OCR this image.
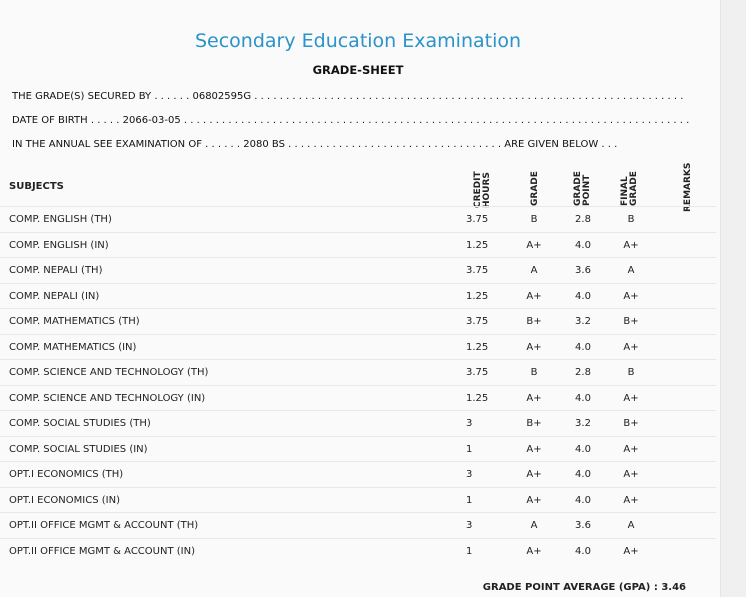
Secondary Education Examination
GRADE-SHEET
THE GRADE(S) SECURED BY . . . . . . 06802595G . . . . . . . . . . . . . . . . . . . . . . . . . . . . . . . . . . . . . . . . . . . . . . . . . . . . . . . . . . . . . . . . . . . .
DATE OF BIRTH . . . . . 2066-03-05 . . . . . . . . . . . . . . . . . . . . . . . . . . . . . . . . . . . . . . . . . . . . . . . . . . . . . . . . . . . . . . . . . . . . . . . . . . . . . . . .
IN THE ANNUAL SEE EXAMINATION OF . . . . . . 2080 BS . . . . . . . . . . . . . . . . . . . . . . . . . . . . . . . . . . ARE GIVEN BELOW . . .
SUBJECTS	CREDIT HOURS	GRADE	GRADE POINT	FINAL GRADE	REMARKS
COMP. ENGLISH (TH)	3.75	B	2.8	B
COMP. ENGLISH (IN)	1.25	A+	4.0	A+
COMP. NEPALI (TH)	3.75	A	3.6	A
COMP. NEPALI (IN)	1.25	A+	4.0	A+
COMP. MATHEMATICS (TH)	3.75	B+	3.2	B+
COMP. MATHEMATICS (IN)	1.25	A+	4.0	A+
COMP. SCIENCE AND TECHNOLOGY (TH)	3.75	B	2.8	B
COMP. SCIENCE AND TECHNOLOGY (IN)	1.25	A+	4.0	A+
COMP. SOCIAL STUDIES (TH)	3	B+	3.2	B+
COMP. SOCIAL STUDIES (IN)	1	A+	4.0	A+
OPT.I ECONOMICS (TH)	3	A+	4.0	A+
OPT.I ECONOMICS (IN)	1	A+	4.0	A+
OPT.II OFFICE MGMT & ACCOUNT (TH)	3	A	3.6	A
OPT.II OFFICE MGMT & ACCOUNT (IN)	1	A+	4.0	A+
GRADE POINT AVERAGE (GPA) : 3.46
